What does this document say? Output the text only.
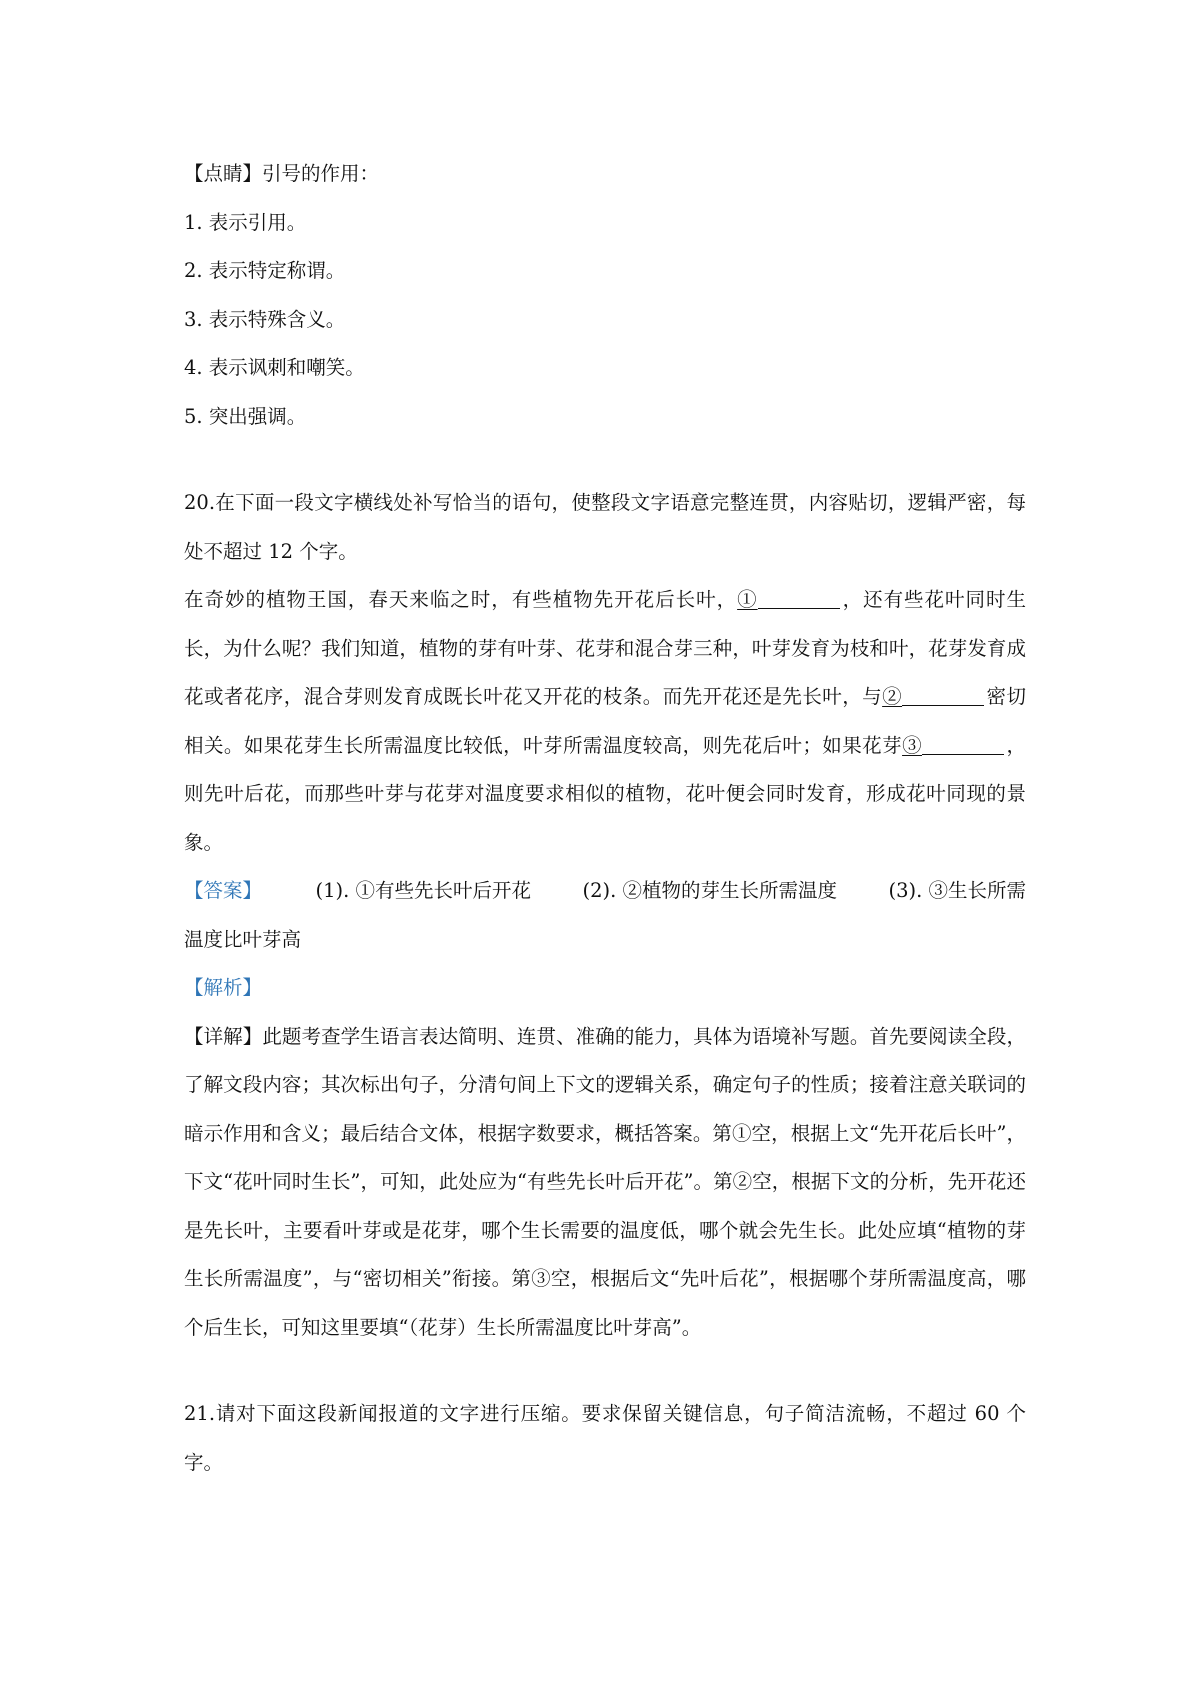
【点睛】引号的作用：
1. 表示引用。
2. 表示特定称谓。
3. 表示特殊含义。
4. 表示讽刺和嘲笑。
5. 突出强调。
20.在下面一段文字横线处补写恰当的语句，使整段文字语意完整连贯，内容贴切，逻辑严密，每处不超过 12 个字。
在奇妙的植物王国，春天来临之时，有些植物先开花后长叶，①	，还有些花叶同时生长，为什么呢？我们知道，植物的芽有叶芽、花芽和混合芽三种，叶芽发育为枝和叶，花芽发育成花或者花序，混合芽则发育成既长叶花又开花的枝条。而先开花还是先长叶，与②	密切相关。如果花芽生长所需温度比较低，叶芽所需温度较高，则先花后叶；如果花芽③	，则先叶后花，而那些叶芽与花芽对温度要求相似的植物，花叶便会同时发育，形成花叶同现的景象。
【答案】	(1). ①有些先长叶后开花	(2). ②植物的芽生长所需温度	(3). ③生长所需
温度比叶芽高
【解析】
【详解】此题考查学生语言表达简明、连贯、准确的能力，具体为语境补写题。首先要阅读全段，了解文段内容；其次标出句子，分清句间上下文的逻辑关系，确定句子的性质；接着注意关联词的暗示作用和含义；最后结合文体，根据字数要求，概括答案。第①空，根据上文“先开花后长叶”，下文“花叶同时生长”，可知，此处应为“有些先长叶后开花”。第②空，根据下文的分析，先开花还是先长叶，主要看叶芽或是花芽，哪个生长需要的温度低，哪个就会先生长。此处应填“植物的芽生长所需温度”，与“密切相关”衔接。第③空，根据后文“先叶后花”，根据哪个芽所需温度高，哪个后生长，可知这里要填“（花芽）生长所需温度比叶芽高”。
21.请对下面这段新闻报道的文字进行压缩。要求保留关键信息，句子简洁流畅，不超过 60 个字。
